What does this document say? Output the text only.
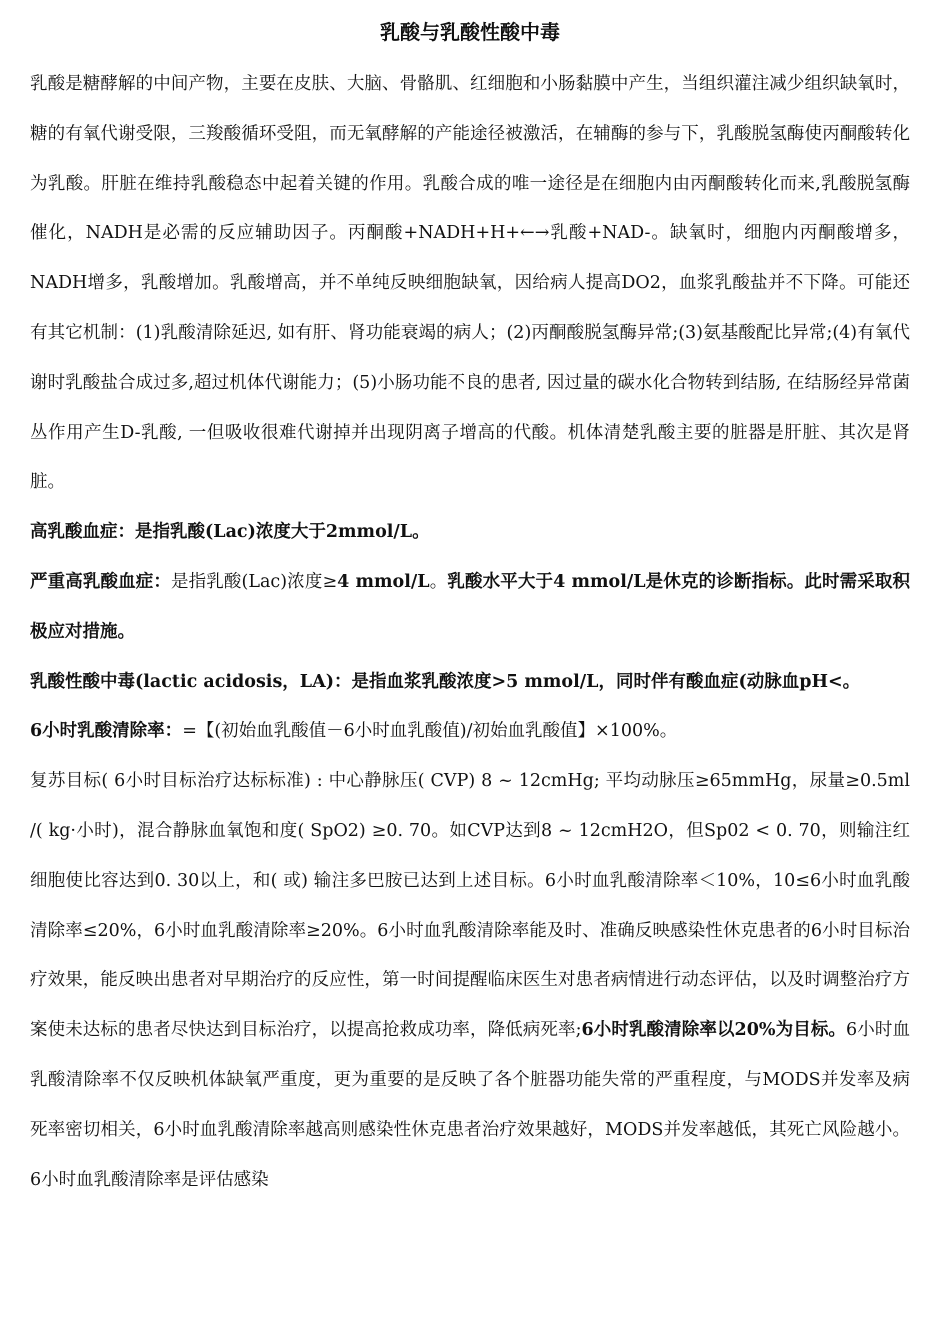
乳酸与乳酸性酸中毒

乳酸是糖酵解的中间产物，主要在皮肤、大脑、骨骼肌、红细胞和小肠黏膜中产生，当组织灌注减少组织缺氧时，糖的有氧代谢受限，三羧酸循环受阻，而无氧酵解的产能途径被激活，在辅酶的参与下，乳酸脱氢酶使丙酮酸转化为乳酸。肝脏在维持乳酸稳态中起着关键的作用。乳酸合成的唯一途径是在细胞内由丙酮酸转化而来,乳酸脱氢酶催化，NADH是必需的反应辅助因子。丙酮酸+NADH+H+←→乳酸+NAD-。缺氧时，细胞内丙酮酸增多，NADH增多，乳酸增加。乳酸增高，并不单纯反映细胞缺氧，因给病人提高DO2，血浆乳酸盐并不下降。可能还有其它机制：(1)乳酸清除延迟, 如有肝、肾功能衰竭的病人；(2)丙酮酸脱氢酶异常;(3)氨基酸配比异常;(4)有氧代谢时乳酸盐合成过多,超过机体代谢能力；(5)小肠功能不良的患者, 因过量的碳水化合物转到结肠, 在结肠经异常菌丛作用产生D-乳酸, 一但吸收很难代谢掉并出现阴离子增高的代酸。机体清楚乳酸主要的脏器是肝脏、其次是肾脏。

高乳酸血症：是指乳酸(Lac)浓度大于2mmol/L。

严重高乳酸血症：是指乳酸(Lac)浓度≥4 mmol/L。乳酸水平大于4 mmol/L是休克的诊断指标。此时需采取积极应对措施。

乳酸性酸中毒(lactic acidosis，LA)：是指血浆乳酸浓度>5 mmol/L，同时伴有酸血症(动脉血pH<。

6小时乳酸清除率：=【(初始血乳酸值－6小时血乳酸值)/初始血乳酸值】×100%。

复苏目标( 6小时目标治疗达标标准) : 中心静脉压( CVP) 8 ~ 12cmHg; 平均动脉压≥65mmHg，尿量≥0.5ml /( kg·小时)，混合静脉血氧饱和度( SpO2) ≥0. 70。如CVP达到8 ~ 12cmH2O，但Sp02 < 0. 70，则输注红细胞使比容达到0. 30以上，和( 或) 输注多巴胺已达到上述目标。6小时血乳酸清除率＜10%，10≤6小时血乳酸清除率≤20%，6小时血乳酸清除率≥20%。6小时血乳酸清除率能及时、准确反映感染性休克患者的6小时目标治疗效果，能反映出患者对早期治疗的反应性，第一时间提醒临床医生对患者病情进行动态评估，以及时调整治疗方案使未达标的患者尽快达到目标治疗，以提高抢救成功率，降低病死率;6小时乳酸清除率以20%为目标。6小时血乳酸清除率不仅反映机体缺氧严重度，更为重要的是反映了各个脏器功能失常的严重程度，与MODS并发率及病死率密切相关，6小时血乳酸清除率越高则感染性休克患者治疗效果越好，MODS并发率越低，其死亡风险越小。6小时血乳酸清除率是评估感染
